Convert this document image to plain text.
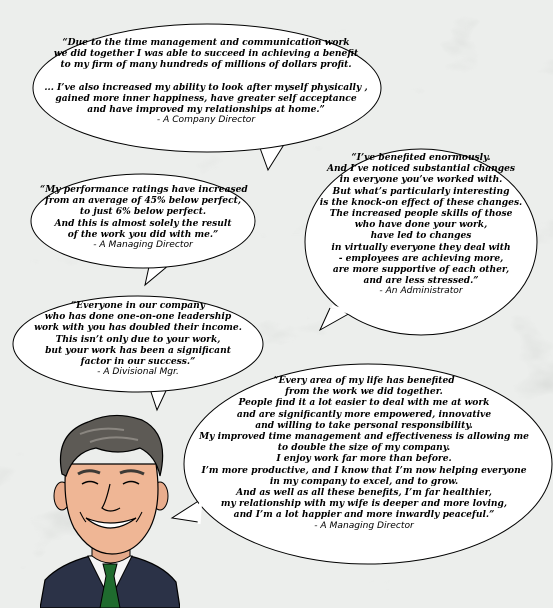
“Due to the time management and communication work
we did together I was able to succeed in achieving a benefit
to my firm of many hundreds of millions of dollars profit.

... I’ve also increased my ability to look after myself physically ,
gained more inner happiness, have greater self acceptance
and have improved my relationships at home.”
- A Company Director
“I’ve benefited enormously.
And I’ve noticed substantial changes
in everyone you’ve worked with.
But what’s particularly interesting
is the knock-on effect of these changes.
The increased people skills of those
who have done your work,
have led to changes
in virtually everyone they deal with
- employees are achieving more,
are more supportive of each other,
and are less stressed.”
- An Administrator
“My performance ratings have increased
from an average of 45% below perfect,
to just 6% below perfect.
And this is almost solely the result
of the work you did with me.”
- A Managing Director
“Everyone in our company
who has done one-on-one leadership
work with you has doubled their income.
This isn’t only due to your work,
but your work has been a significant
factor in our success.”
- A Divisional Mgr.
“Every area of my life has benefited
from the work we did together.
People find it a lot easier to deal with me at work
and are significantly more empowered, innovative
and willing to take personal responsibility.
My improved time management and effectiveness is allowing me
to double the size of my company.
I enjoy work far more than before.
I’m more productive, and I know that I’m now helping everyone
in my company to excel, and to grow.
And as well as all these benefits, I’m far healthier,
my relationship with my wife is deeper and more loving,
and I’m a lot happier and more inwardly peaceful.”
- A Managing Director
